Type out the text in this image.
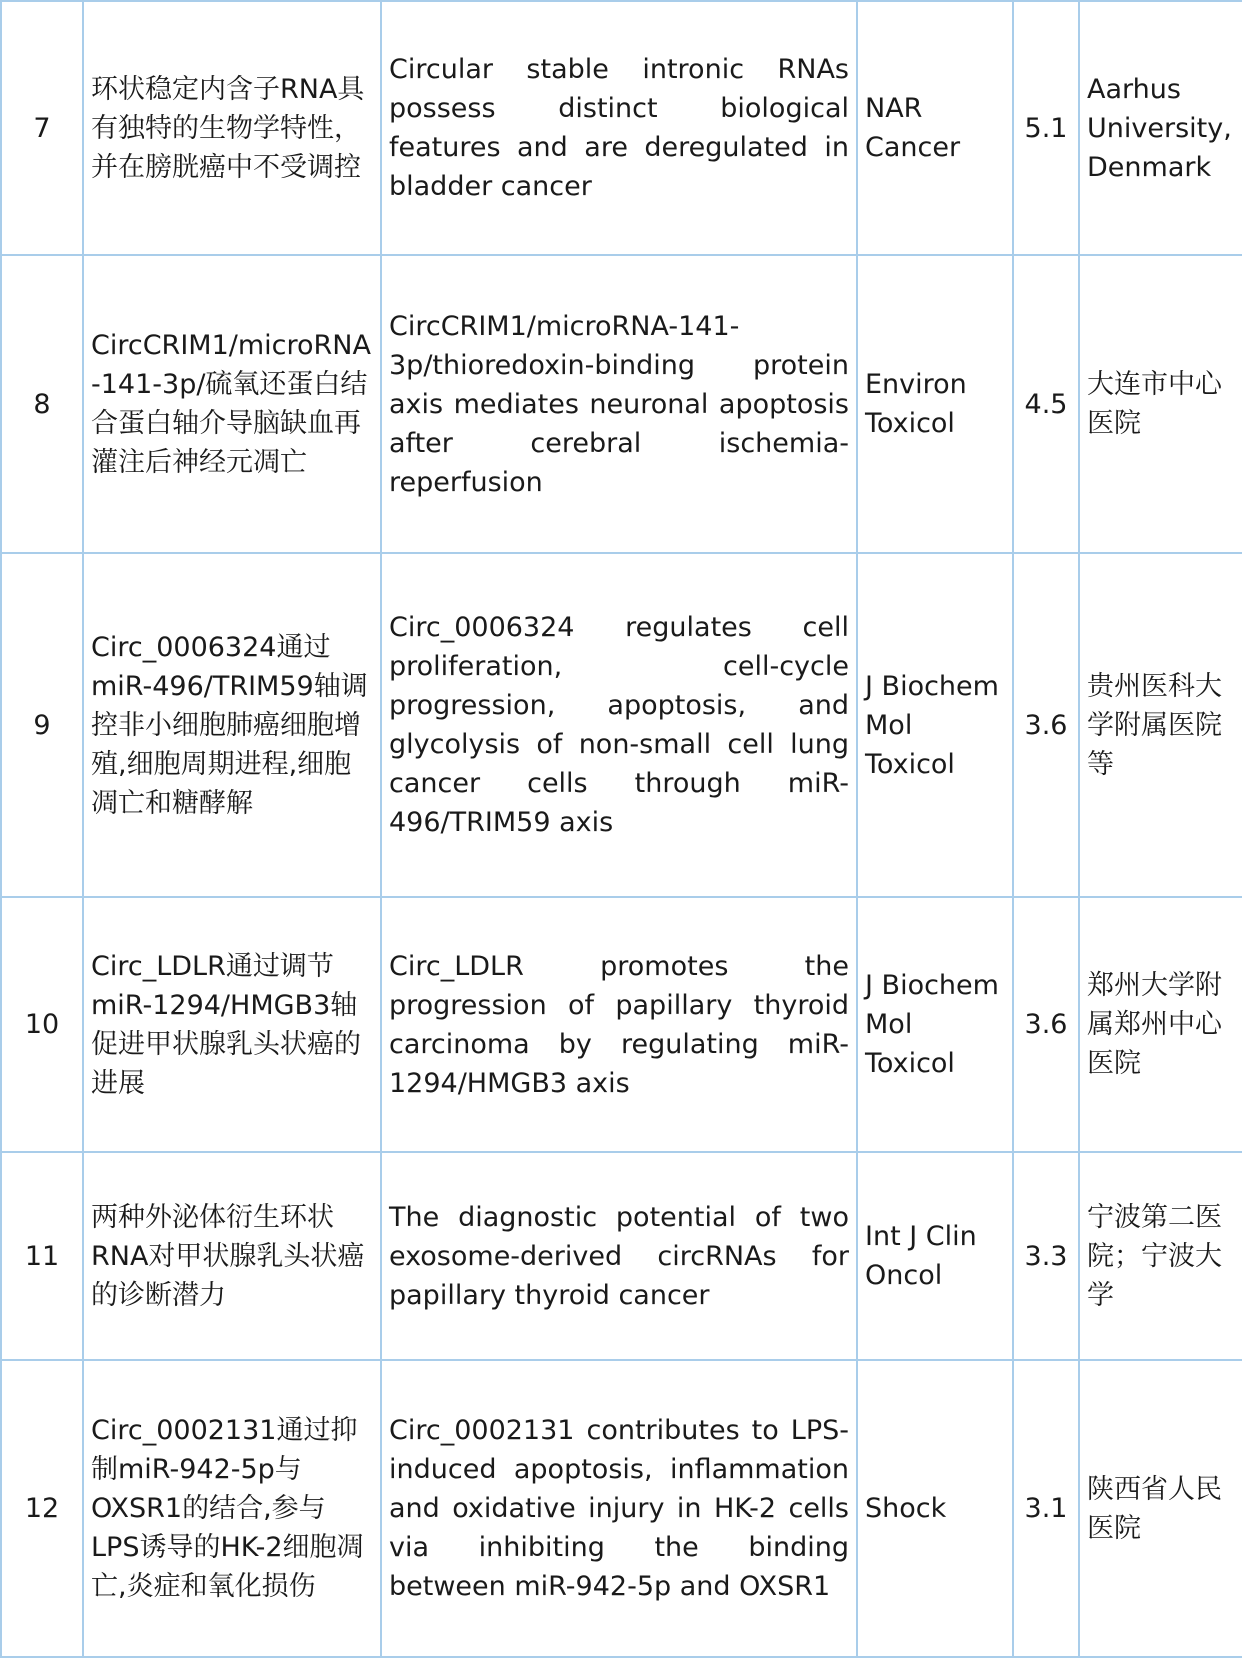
7	环状稳定内含子RNA具有独特的生物学特性，并在膀胱癌中不受调控	Circular stable intronic RNAs possess distinct biological features and are deregulated in bladder cancer	NAR Cancer	5.1	Aarhus University, Denmark
8	CircCRIM1/microRNA-141-3p/硫氧还蛋白结合蛋白轴介导脑缺血再灌注后神经元凋亡	CircCRIM1/microRNA-141-3p/thioredoxin-binding protein axis mediates neuronal apoptosis after cerebral ischemia-reperfusion	Environ Toxicol	4.5	大连市中心医院
9	Circ_0006324通过miR-496/TRIM59轴调控非小细胞肺癌细胞增殖,细胞周期进程,细胞凋亡和糖酵解	Circ_0006324 regulates cell proliferation, cell-cycle progression, apoptosis, and glycolysis of non-small cell lung cancer cells through miR-496/TRIM59 axis	J Biochem Mol Toxicol	3.6	贵州医科大学附属医院等
10	Circ_LDLR通过调节miR-1294/HMGB3轴促进甲状腺乳头状癌的进展	Circ_LDLR promotes the progression of papillary thyroid carcinoma by regulating miR-1294/HMGB3 axis	J Biochem Mol Toxicol	3.6	郑州大学附属郑州中心医院
11	两种外泌体衍生环状RNA对甲状腺乳头状癌的诊断潜力	The diagnostic potential of two exosome-derived circRNAs for papillary thyroid cancer	Int J Clin Oncol	3.3	宁波第二医院；宁波大学
12	Circ_0002131通过抑制miR-942-5p与OXSR1的结合,参与LPS诱导的HK-2细胞凋亡,炎症和氧化损伤	Circ_0002131 contributes to LPS-induced apoptosis, inflammation and oxidative injury in HK-2 cells via inhibiting the binding between miR-942-5p and OXSR1	Shock	3.1	陕西省人民医院
